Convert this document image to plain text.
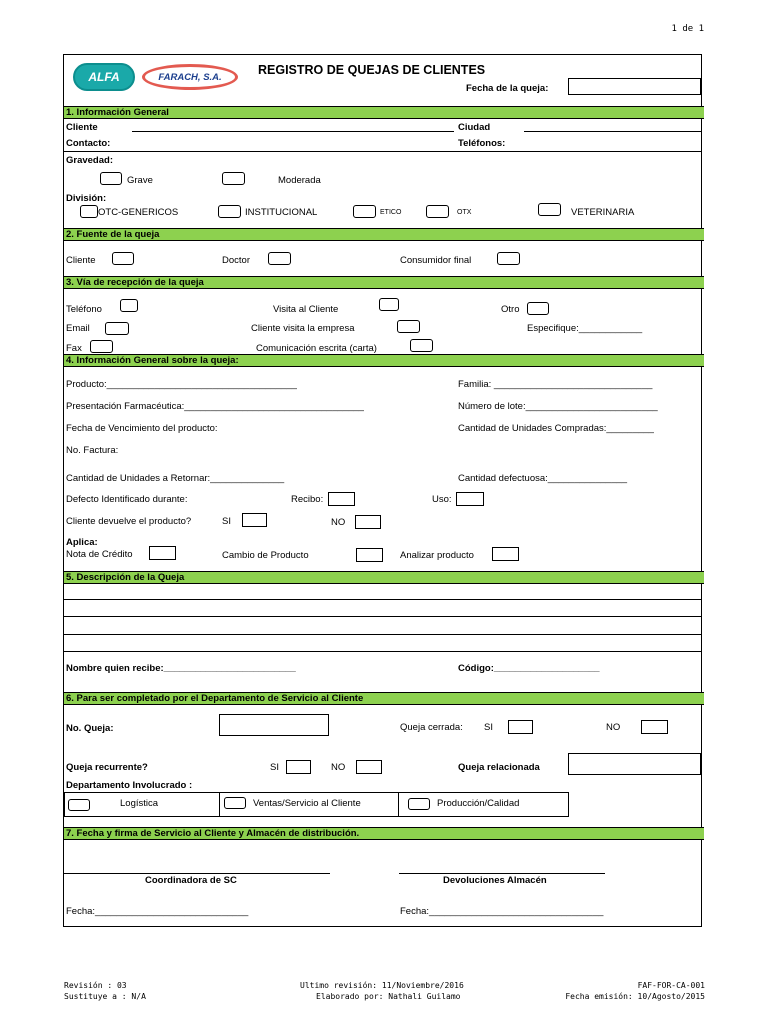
1 de 1
ALFA	FARACH, S.A.
REGISTRO DE QUEJAS DE CLIENTES
Fecha de la queja:
1. Información General
Cliente	Ciudad
Contacto:	Teléfonos:
Gravedad:
Grave	Moderada
División:
OTC-GENERICOS	INSTITUCIONAL	ETICO	OTX	VETERINARIA
2. Fuente de la queja
Cliente	Doctor	Consumidor final
3. Vía de recepción de la queja
Teléfono	Visita al Cliente	Otro
Email	Cliente visita la empresa	Especifique:____________
Fax	Comunicación escrita (carta)
4. Información General sobre la queja:
Producto:____________________________________	Familia: ______________________________
Presentación Farmacéutica:__________________________________	Número de lote:_________________________
Fecha de Vencimiento del producto:	Cantidad de Unidades Compradas:_________
No. Factura:
Cantidad de Unidades a Retornar:______________	Cantidad defectuosa:_______________
Defecto Identificado durante:	Recibo:	Uso:
Cliente devuelve el producto?	SI	NO
Aplica:
Nota de Crédito	Cambio de Producto	Analizar producto
5. Descripción de la Queja
Nombre quien recibe:_________________________	Código:____________________
6. Para ser completado por el Departamento de Servicio al Cliente
No. Queja:	Queja cerrada: SI	NO
Queja recurrente?	SI	NO	Queja relacionada
Departamento Involucrado :
Logística	Ventas/Servicio al Cliente	Producción/Calidad
7. Fecha y firma de Servicio al Cliente y Almacén de distribución.
Coordinadora de SC	Devoluciones Almacén
Fecha:_____________________________	Fecha:_________________________________
Revisión : 03
Sustituye a : N/A
Ultimo revisión: 11/Noviembre/2016
Elaborado por: Nathali Guilamo
FAF-FOR-CA-001
Fecha emisión: 10/Agosto/2015
